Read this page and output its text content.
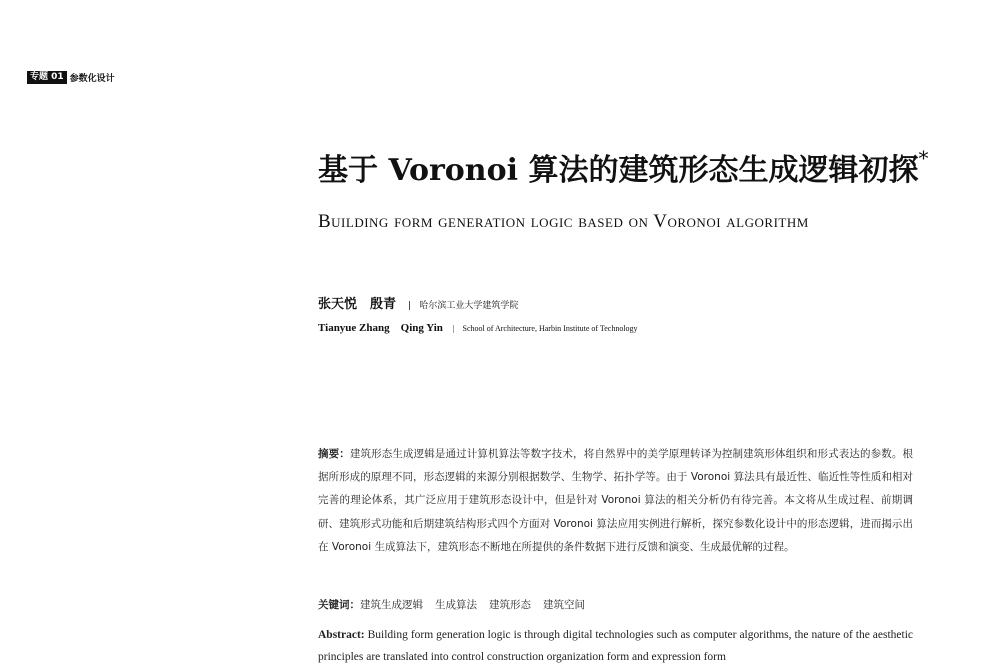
专题 01 参数化设计
基于 Voronoi 算法的建筑形态生成逻辑初探*
Building form generation logic based on Voronoi algorithm
张天悦　殷青 | 哈尔滨工业大学建筑学院
Tianyue Zhang　Qing Yin | School of Architecture, Harbin Institute of Technology

摘要：建筑形态生成逻辑是通过计算机算法等数字技术，将自然界中的美学原理转译为控制建筑形体组织和形式表达的参数。根据所形成的原理不同，形态逻辑的来源分别根据数学、生物学、拓扑学等。由于 Voronoi 算法具有最近性、临近性等性质和相对完善的理论体系，其广泛应用于建筑形态设计中，但是针对 Voronoi 算法的相关分析仍有待完善。本文将从生成过程、前期调研、建筑形式功能和后期建筑结构形式四个方面对 Voronoi 算法应用实例进行解析，探究参数化设计中的形态逻辑，进而揭示出在 Voronoi 生成算法下，建筑形态不断地在所提供的条件数据下进行反馈和演变、生成最优解的过程。

关键词：建筑生成逻辑 生成算法 建筑形态 建筑空间

Abstract: Building form generation logic is through digital technologies such as computer algorithms, the nature of the aesthetic principles are translated into control construction organization form and expression form
